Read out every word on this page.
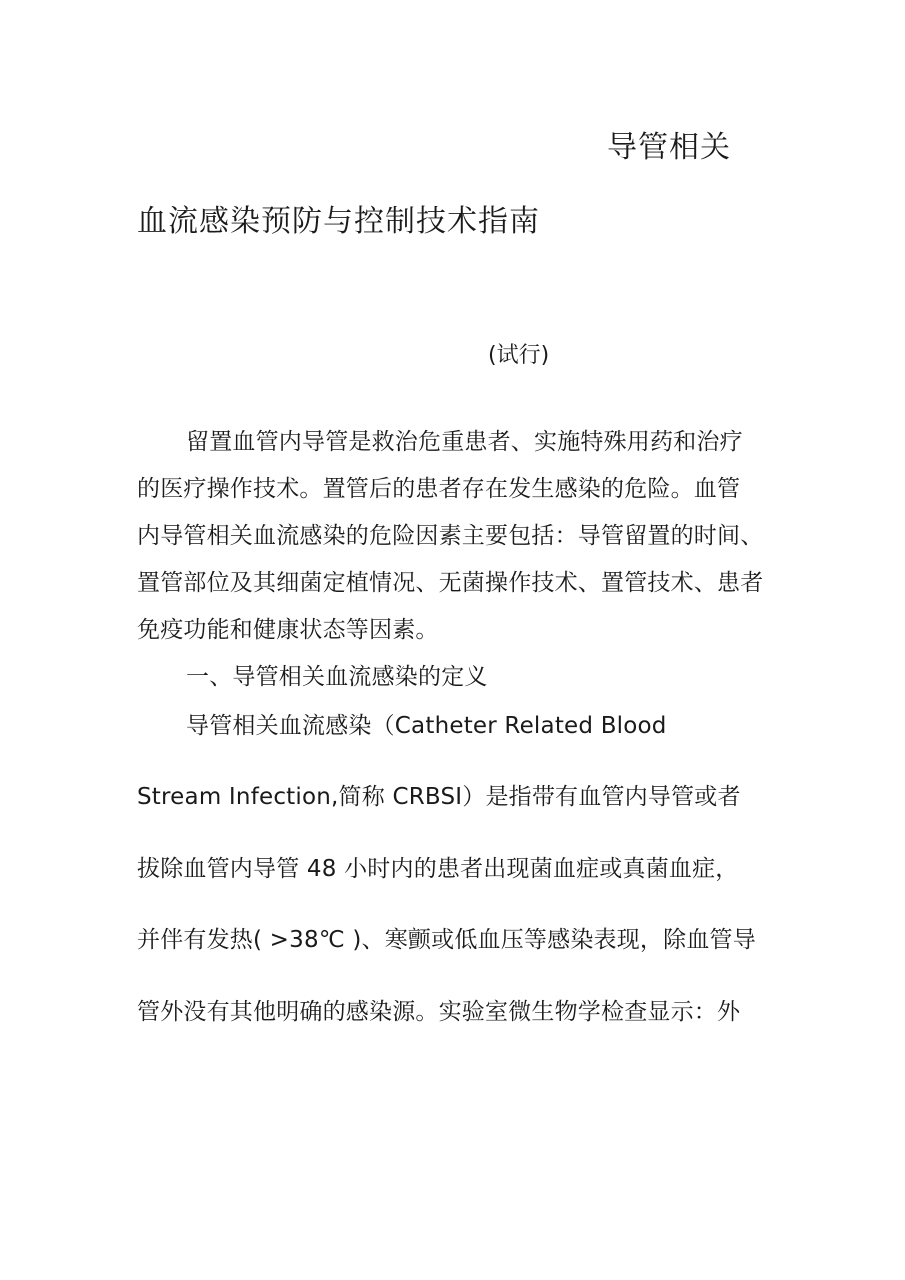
导管相关

血流感染预防与控制技术指南

(试行)

留置血管内导管是救治危重患者、实施特殊用药和治疗

的医疗操作技术。置管后的患者存在发生感染的危险。血管

内导管相关血流感染的危险因素主要包括：导管留置的时间、

置管部位及其细菌定植情况、无菌操作技术、置管技术、患者

免疫功能和健康状态等因素。

一、导管相关血流感染的定义

导管相关血流感染（Catheter Related Blood

Stream Infection,简称 CRBSI）是指带有血管内导管或者

拔除血管内导管 48 小时内的患者出现菌血症或真菌血症，

并伴有发热( >38℃ )、寒颤或低血压等感染表现，除血管导

管外没有其他明确的感染源。实验室微生物学检查显示：外
